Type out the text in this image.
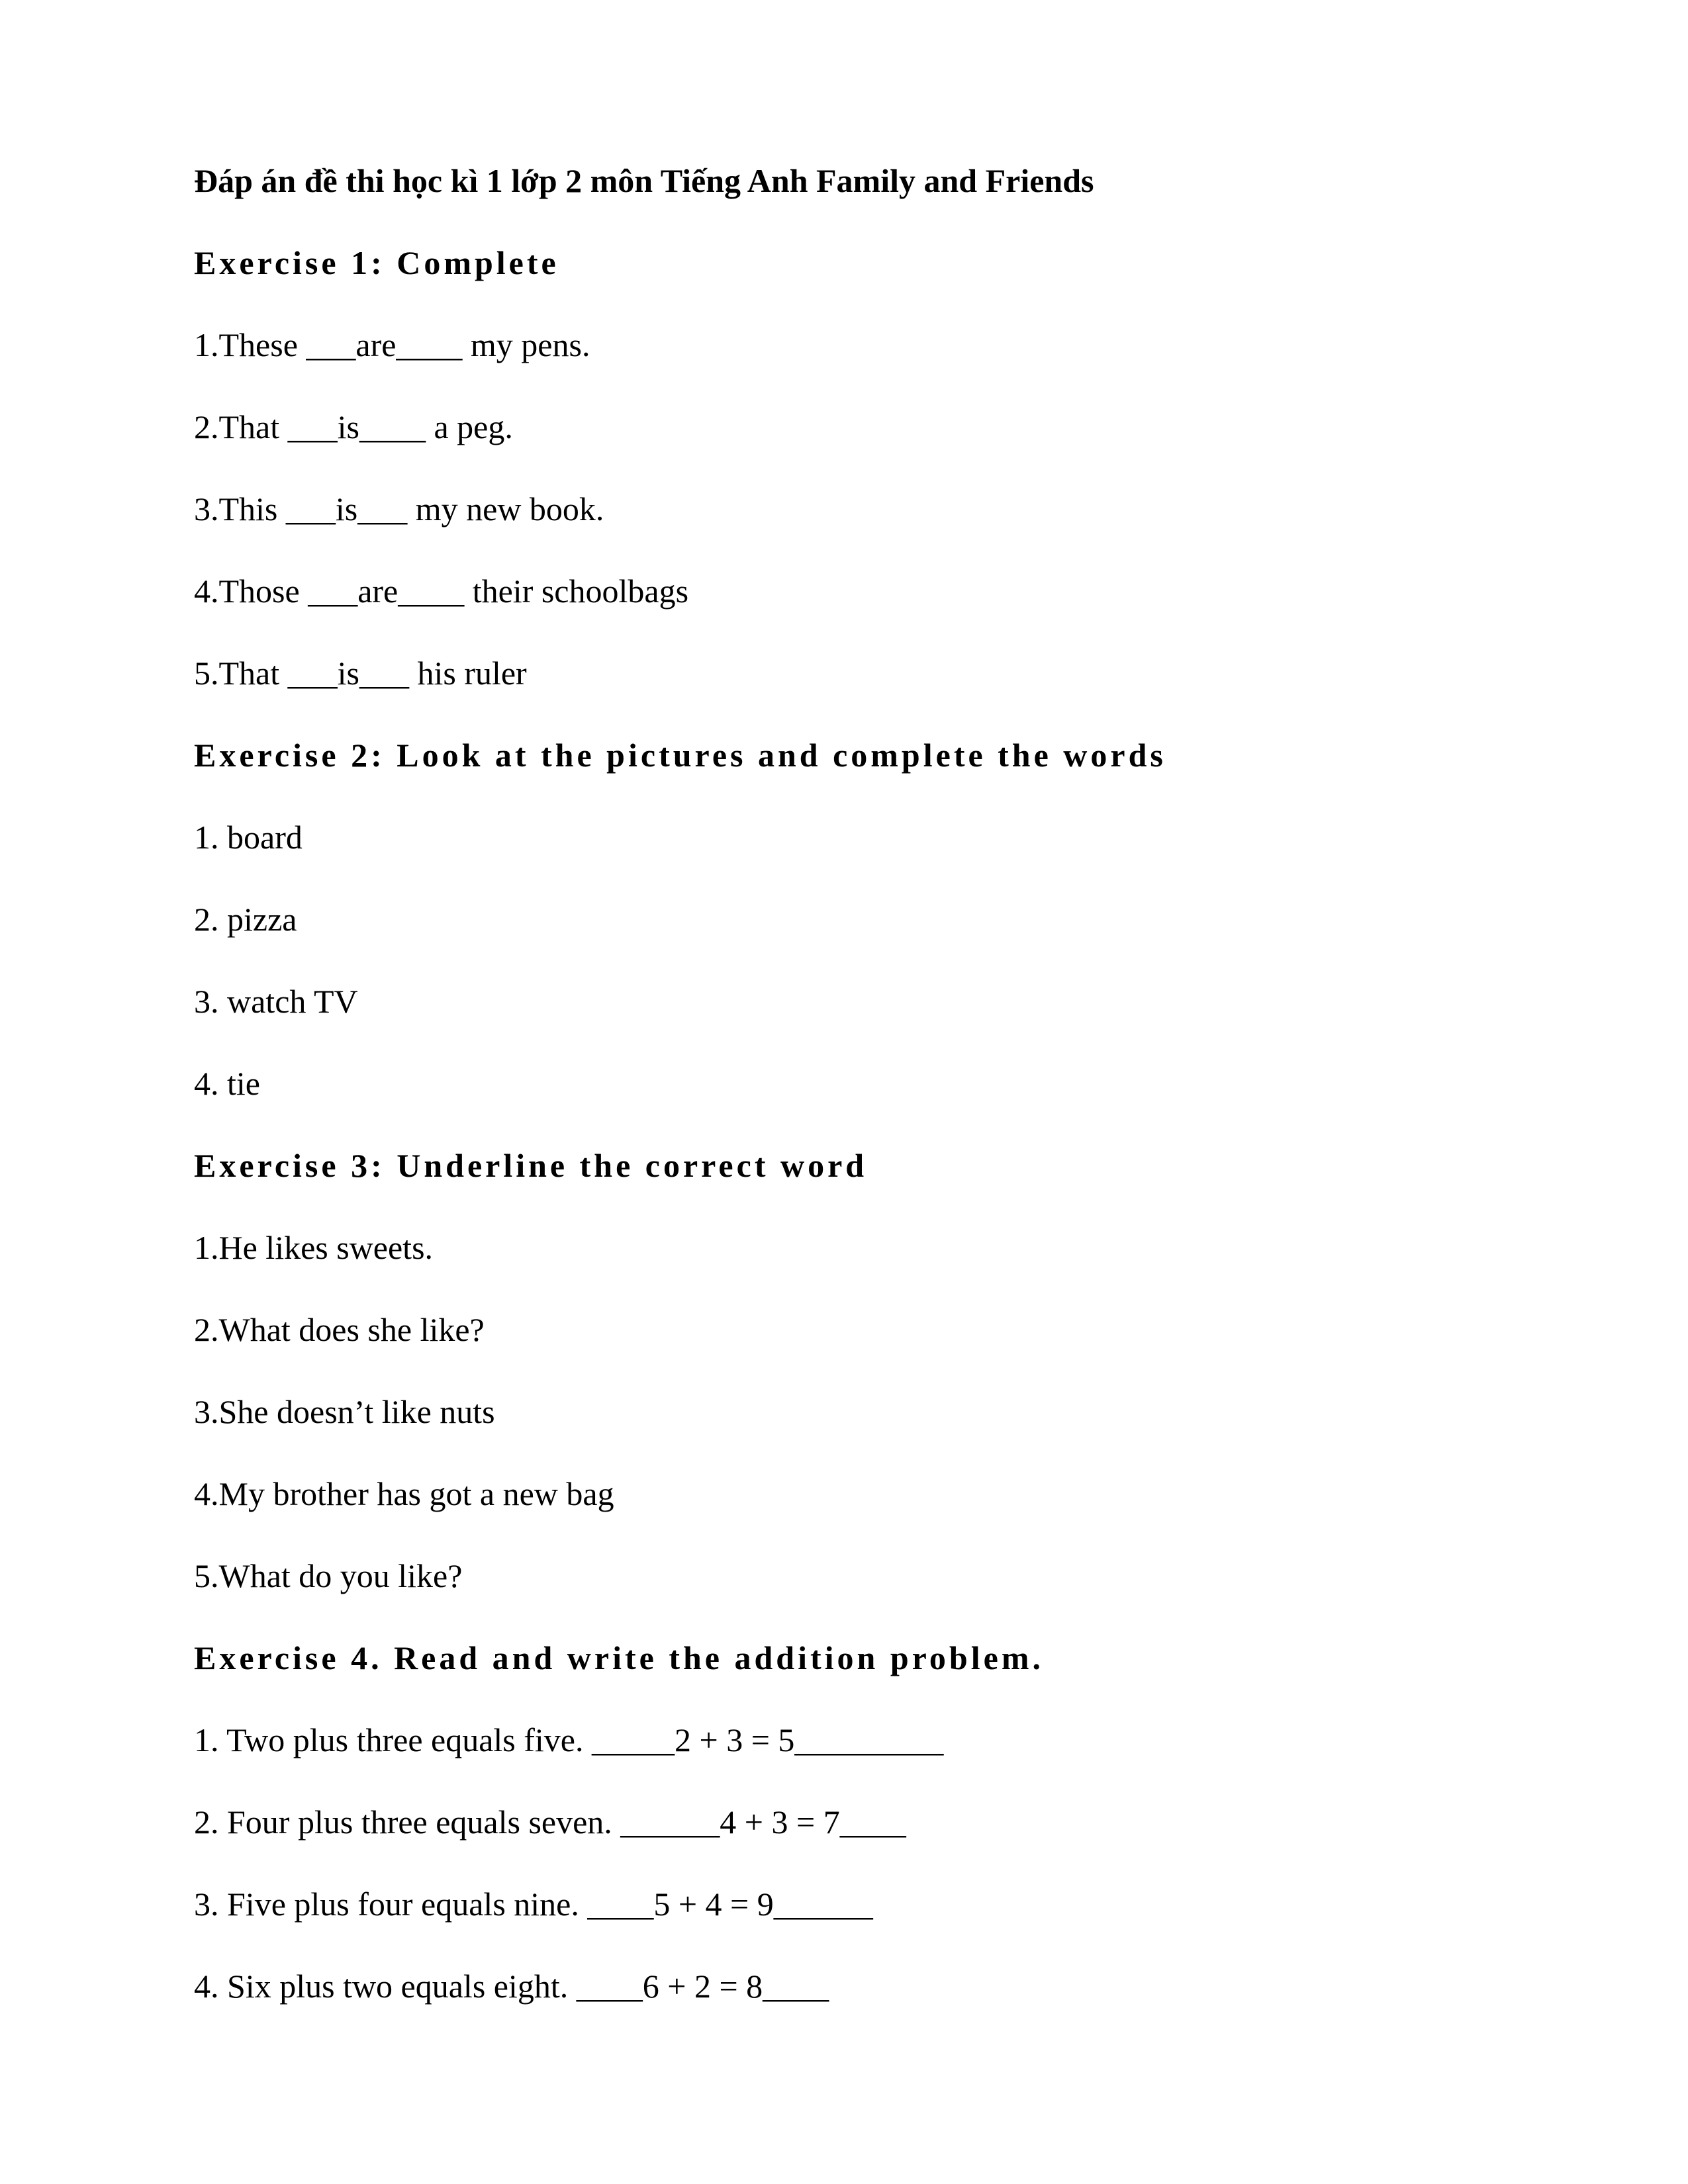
Đáp án đề thi học kì 1 lớp 2 môn Tiếng Anh Family and Friends
Exercise 1: Complete
1.These ___are____ my pens.
2.That ___is____ a peg.
3.This ___is___ my new book.
4.Those ___are____ their schoolbags
5.That ___is___ his ruler
Exercise 2: Look at the pictures and complete the words
1. board
2. pizza
3. watch TV
4. tie
Exercise 3: Underline the correct word
1.He likes sweets.
2.What does she like?
3.She doesn’t like nuts
4.My brother has got a new bag
5.What do you like?
Exercise 4. Read and write the addition problem.
1. Two plus three equals five. _____2 + 3 = 5_________
2. Four plus three equals seven. ______4 + 3 = 7____
3. Five plus four equals nine. ____5 + 4 = 9______
4. Six plus two equals eight. ____6 + 2 = 8____
